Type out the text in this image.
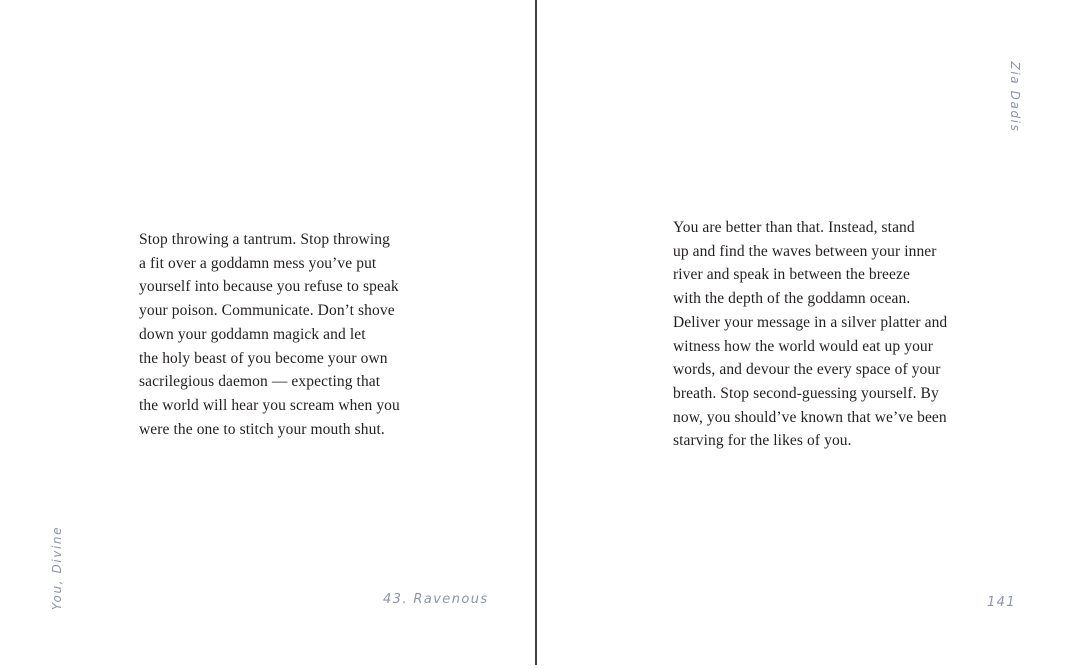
You, Divine
Stop throwing a tantrum. Stop throwing
a fit over a goddamn mess you’ve put
yourself into because you refuse to speak
your poison. Communicate. Don’t shove
down your goddamn magick and let
the holy beast of you become your own
sacrilegious daemon — expecting that
the world will hear you scream when you
were the one to stitch your mouth shut.
43. Ravenous
Zia Dadis
You are better than that. Instead, stand
up and find the waves between your inner
river and speak in between the breeze
with the depth of the goddamn ocean.
Deliver your message in a silver platter and
witness how the world would eat up your
words, and devour the every space of your
breath. Stop second-guessing yourself. By
now, you should’ve known that we’ve been
starving for the likes of you.
141
